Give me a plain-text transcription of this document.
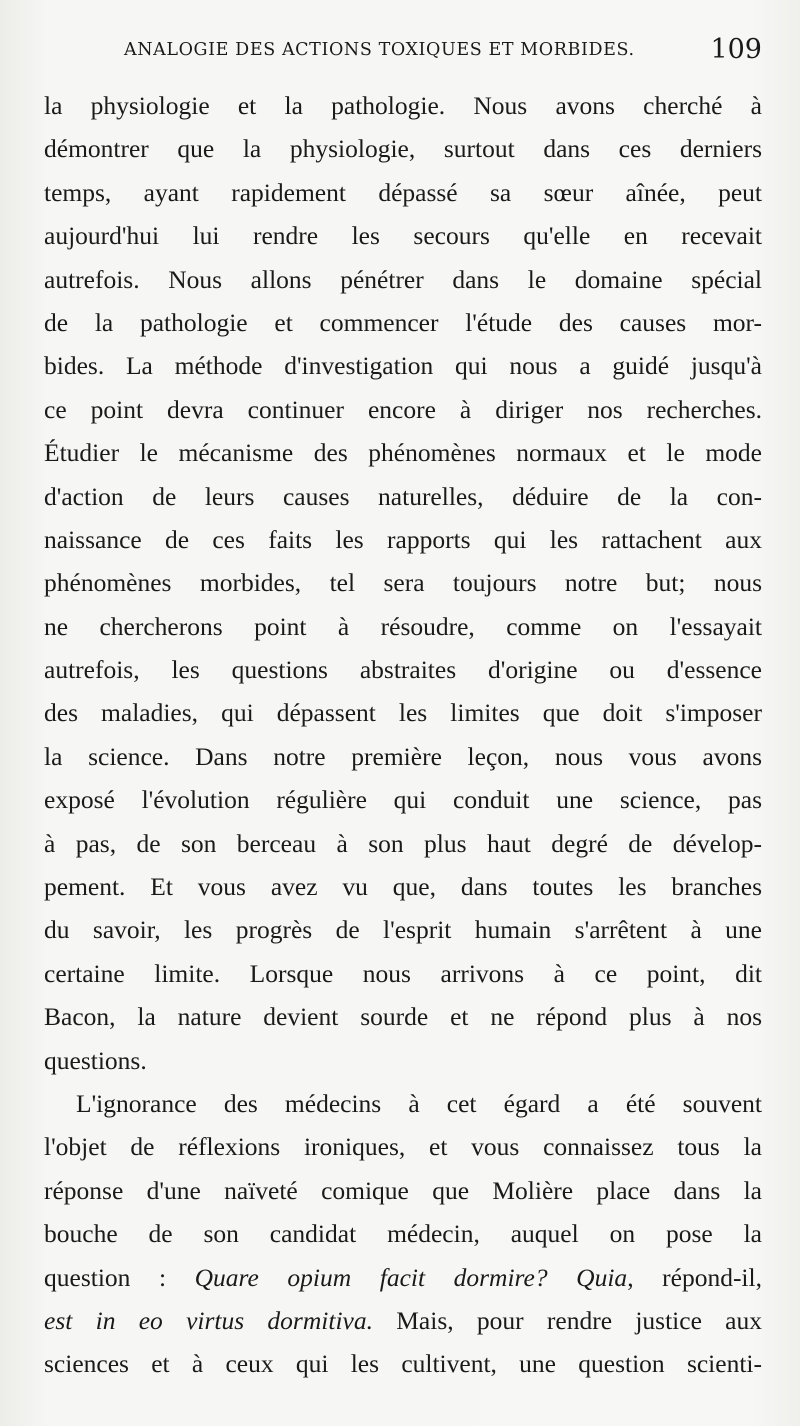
ANALOGIE DES ACTIONS TOXIQUES ET MORBIDES.	109
la physiologie et la pathologie. Nous avons cherché à
démontrer que la physiologie, surtout dans ces derniers
temps, ayant rapidement dépassé sa sœur aînée, peut
aujourd'hui lui rendre les secours qu'elle en recevait
autrefois. Nous allons pénétrer dans le domaine spécial
de la pathologie et commencer l'étude des causes mor-
bides. La méthode d'investigation qui nous a guidé jusqu'à
ce point devra continuer encore à diriger nos recherches.
Étudier le mécanisme des phénomènes normaux et le mode
d'action de leurs causes naturelles, déduire de la con-
naissance de ces faits les rapports qui les rattachent aux
phénomènes morbides, tel sera toujours notre but; nous
ne chercherons point à résoudre, comme on l'essayait
autrefois, les questions abstraites d'origine ou d'essence
des maladies, qui dépassent les limites que doit s'imposer
la science. Dans notre première leçon, nous vous avons
exposé l'évolution régulière qui conduit une science, pas
à pas, de son berceau à son plus haut degré de dévelop-
pement. Et vous avez vu que, dans toutes les branches
du savoir, les progrès de l'esprit humain s'arrêtent à une
certaine limite. Lorsque nous arrivons à ce point, dit
Bacon, la nature devient sourde et ne répond plus à nos
questions.
L'ignorance des médecins à cet égard a été souvent
l'objet de réflexions ironiques, et vous connaissez tous la
réponse d'une naïveté comique que Molière place dans la
bouche de son candidat médecin, auquel on pose la
question : Quare opium facit dormire? Quia, répond-il,
est in eo virtus dormitiva. Mais, pour rendre justice aux
sciences et à ceux qui les cultivent, une question scienti-
